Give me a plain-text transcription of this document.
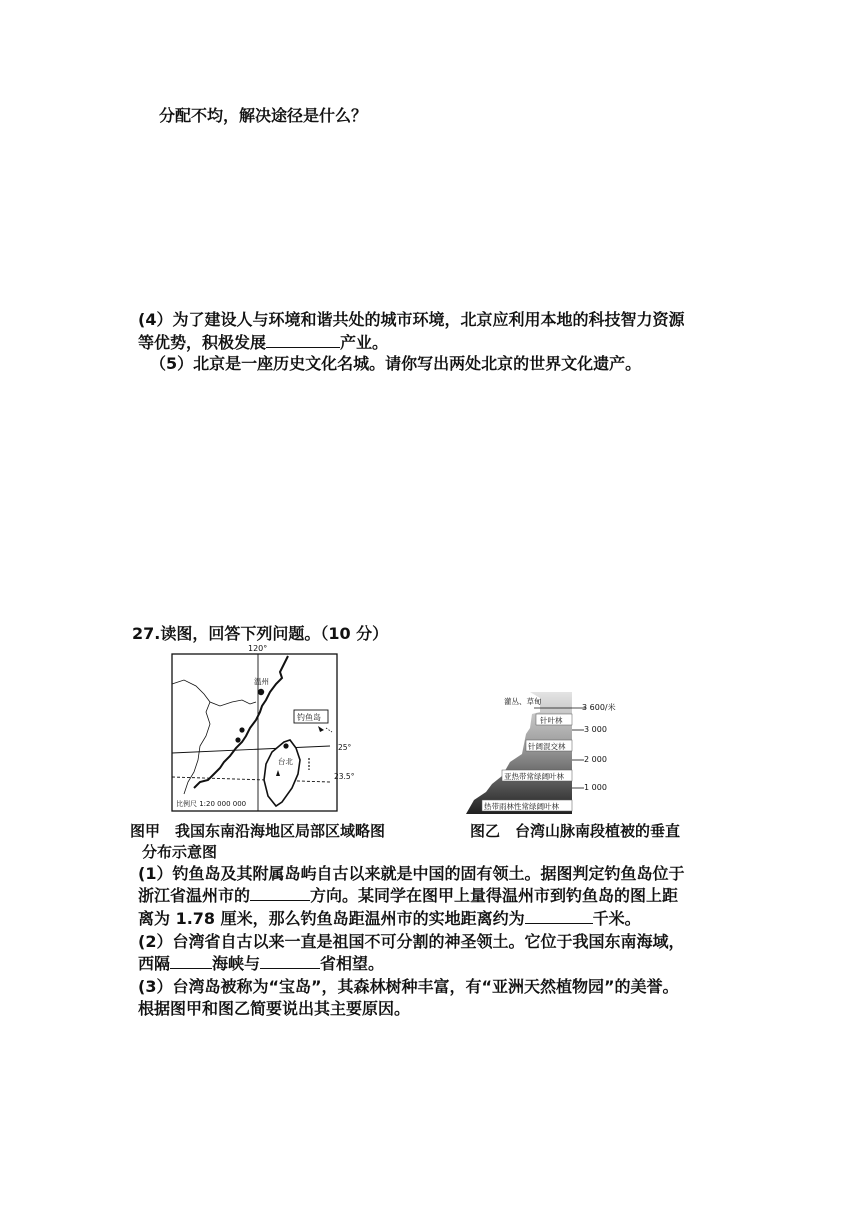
分配不均，解决途径是什么？
(4）为了建设人与环境和谐共处的城市环境，北京应利用本地的科技智力资源
等优势，积极发展	产业。
（5）北京是一座历史文化名城。请你写出两处北京的世界文化遗产。
27.读图，回答下列问题。（10 分）
120°
25°
23.5°
温州
台北
钓鱼岛
比例尺 1:20 000 000
灌丛、草甸
针叶林
针阔混交林
亚热带常绿阔叶林
热带雨林性常绿阔叶林
3 600/米
3 000
2 000
1 000
图甲　我国东南沿海地区局部区域略图	图乙　台湾山脉南段植被的垂直
分布示意图
(1）钓鱼岛及其附属岛屿自古以来就是中国的固有领土。据图判定钓鱼岛位于
浙江省温州市的	方向。某同学在图甲上量得温州市到钓鱼岛的图上距
离为 1.78 厘米，那么钓鱼岛距温州市的实地距离约为	千米。
(2）台湾省自古以来一直是祖国不可分割的神圣领土。它位于我国东南海域，
西隔	海峡与	省相望。
(3）台湾岛被称为“宝岛”，其森林树种丰富，有“亚洲天然植物园”的美誉。
根据图甲和图乙简要说出其主要原因。
